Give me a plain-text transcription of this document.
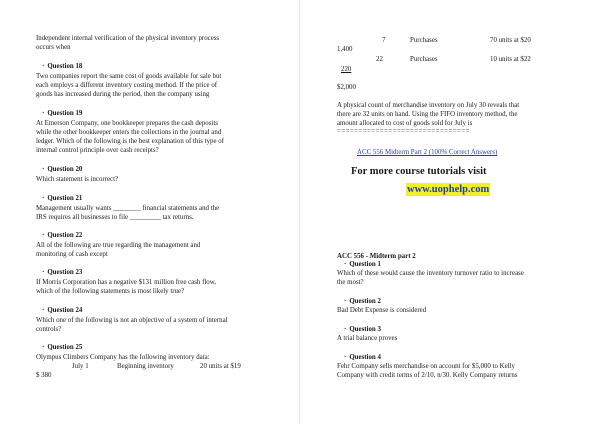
Independent internal verification of the physical inventory process
occurs when
· Question 18
Two companies report the same cost of goods available for sale but
each employs a different inventory costing method. If the price of
goods has increased during the period, then the company using
· Question 19
At Emerson Company, one bookkeeper prepares the cash deposits
while the other bookkeeper enters the collections in the journal and
ledger. Which of the following is the best explanation of this type of
internal control principle over cash receipts?
· Question 20
Which statement is incorrect?
· Question 21
Management usually wants ________ financial statements and the
IRS requires all businesses to file _________ tax returns.
· Question 22
All of the following are true regarding the management and
monitoring of cash except
· Question 23
If Morris Corporation has a negative $131 million free cash flow,
which of the following statements is most likely true?
· Question 24
Which one of the following is not an objective of a system of internal
controls?
· Question 25
Olympus Climbers Company has the following inventory data:
July 1	Beginning inventory	20 units at $19
$ 380
7	Purchases	70 units at $20
1,400
22	Purchases	10 units at $22
220
$2,000
A physical count of merchandise inventory on July 30 reveals that
there are 32 units on hand. Using the FIFO inventory method, the
amount allocated to cost of goods sold for July is
===============================
ACC 556 Midterm Part 2 (100% Correct Answers)
For more course tutorials visit
www.uophelp.com
ACC 556 - Midterm part 2
· Question 1
Which of these would cause the inventory turnover ratio to increase
the most?
· Question 2
Bad Debt Expense is considered
· Question 3
A trial balance proves
· Question 4
Fehr Company sells merchandise on account for $5,000 to Kelly
Company with credit terms of 2/10, n/30. Kelly Company returns
